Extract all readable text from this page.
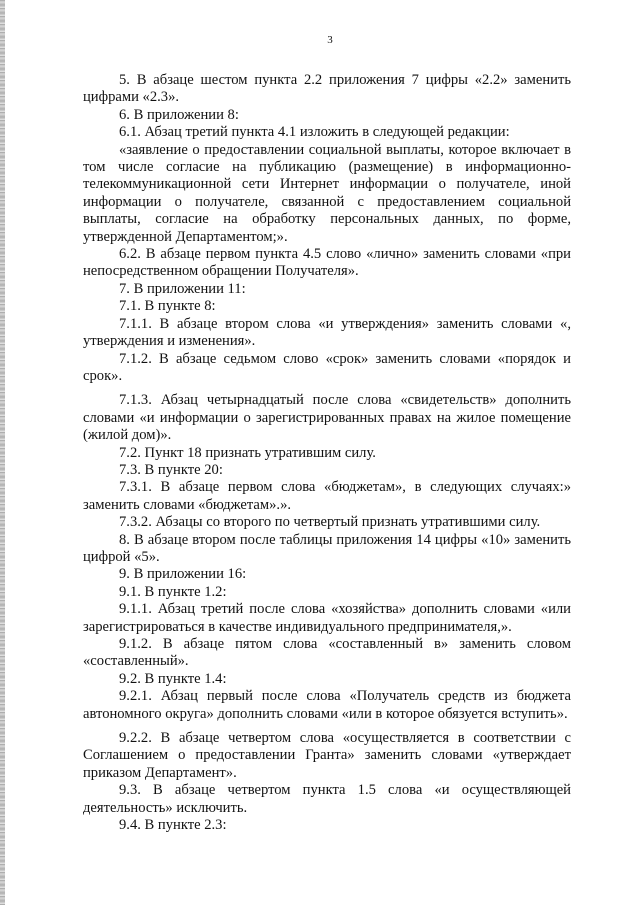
3

5. В абзаце шестом пункта 2.2 приложения 7 цифры «2.2» заменить цифрами «2.3».

6. В приложении 8:

6.1. Абзац третий пункта 4.1 изложить в следующей редакции:

«заявление о предоставлении социальной выплаты, которое включает в том числе согласие на публикацию (размещение) в информационно-телекоммуникационной сети Интернет информации о получателе, иной информации о получателе, связанной с предоставлением социальной выплаты, согласие на обработку персональных данных, по форме, утвержденной Департаментом;».

6.2. В абзаце первом пункта 4.5 слово «лично» заменить словами «при непосредственном обращении Получателя».

7. В приложении 11:

7.1. В пункте 8:

7.1.1. В абзаце втором слова «и утверждения» заменить словами «, утверждения и изменения».

7.1.2. В абзаце седьмом слово «срок» заменить словами «порядок и срок».

7.1.3. Абзац четырнадцатый после слова «свидетельств» дополнить словами «и информации о зарегистрированных правах на жилое помещение (жилой дом)».

7.2. Пункт 18 признать утратившим силу.

7.3. В пункте 20:

7.3.1. В абзаце первом слова «бюджетам», в следующих случаях:» заменить словами «бюджетам».».

7.3.2. Абзацы со второго по четвертый признать утратившими силу.

8. В абзаце втором после таблицы приложения 14 цифры «10» заменить цифрой «5».

9. В приложении 16:

9.1. В пункте 1.2:

9.1.1. Абзац третий после слова «хозяйства» дополнить словами «или зарегистрироваться в качестве индивидуального предпринимателя,».

9.1.2. В абзаце пятом слова «составленный в» заменить словом «составленный».

9.2. В пункте 1.4:

9.2.1. Абзац первый после слова «Получатель средств из бюджета автономного округа» дополнить словами «или в которое обязуется вступить».

9.2.2. В абзаце четвертом слова «осуществляется в соответствии с Соглашением о предоставлении Гранта» заменить словами «утверждает приказом Департамент».

9.3. В абзаце четвертом пункта 1.5 слова «и осуществляющей деятельность» исключить.

9.4. В пункте 2.3:
